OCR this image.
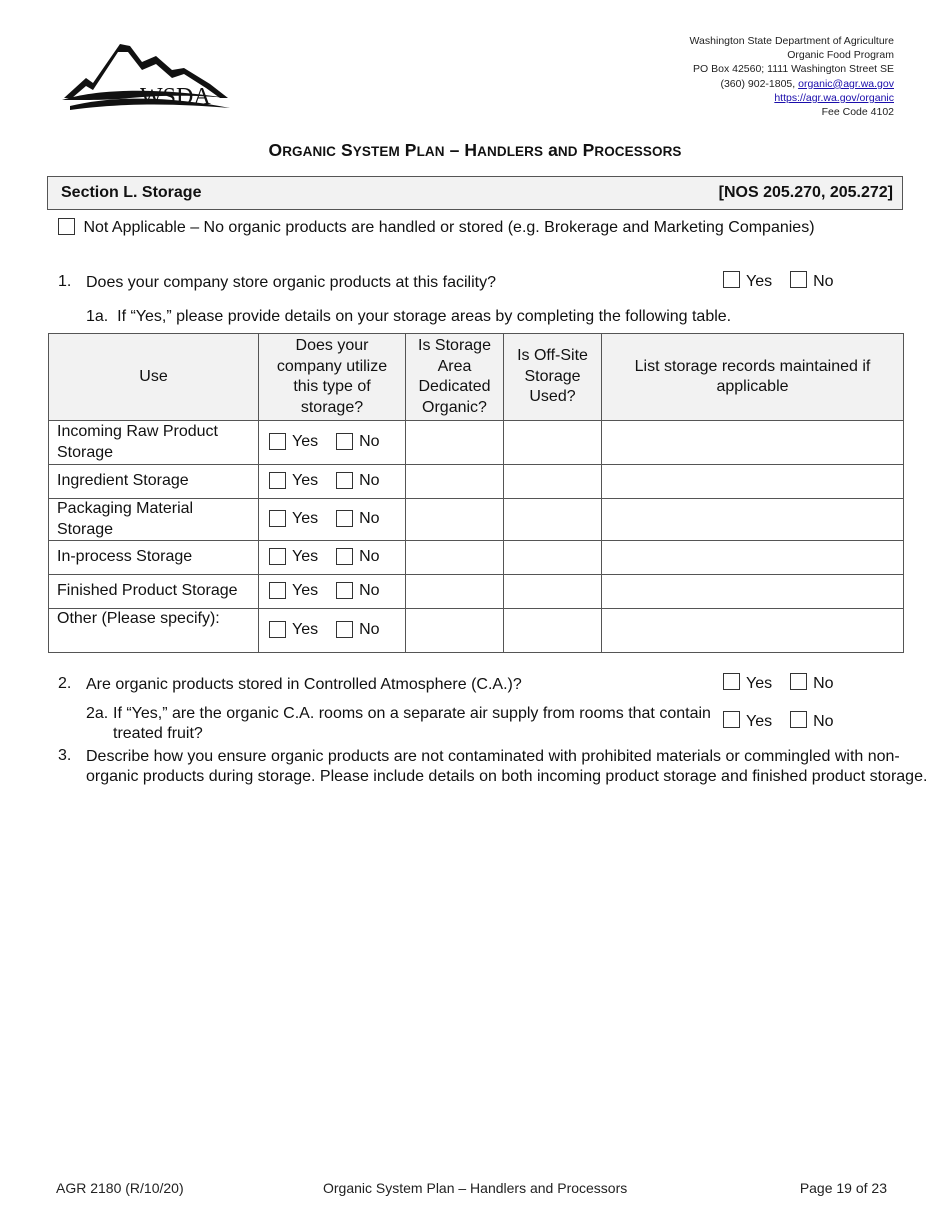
WSDA
Washington State Department of Agriculture
Organic Food Program
PO Box 42560; 1111 Washington Street SE
(360) 902-1805, organic@agr.wa.gov
https://agr.wa.gov/organic
Fee Code 4102
ORGANIC SYSTEM PLAN – HANDLERS aND PROCESSORS
Section L. Storage	[NOS 205.270, 205.272]
Not Applicable – No organic products are handled or stored (e.g. Brokerage and Marketing Companies)
1. Does your company store organic products at this facility?	Yes	No
1a. If “Yes,” please provide details on your storage areas by completing the following table.
Use	Does your company utilize this type of storage?	Is Storage Area Dedicated Organic?	Is Off-Site Storage Used?	List storage records maintained if applicable
Incoming Raw Product Storage	Yes No			
Ingredient Storage	Yes No			
Packaging Material Storage	Yes No			
In-process Storage	Yes No			
Finished Product Storage	Yes No			
Other (Please specify):	Yes No			
2. Are organic products stored in Controlled Atmosphere (C.A.)?	Yes	No
2a. If “Yes,” are the organic C.A. rooms on a separate air supply from rooms that contain
treated fruit?
Yes	No
3. Describe how you ensure organic products are not contaminated with prohibited materials or commingled with non-
organic products during storage. Please include details on both incoming product storage and finished product storage.
AGR 2180 (R/10/20)	Organic System Plan – Handlers and Processors	Page 19 of 23
